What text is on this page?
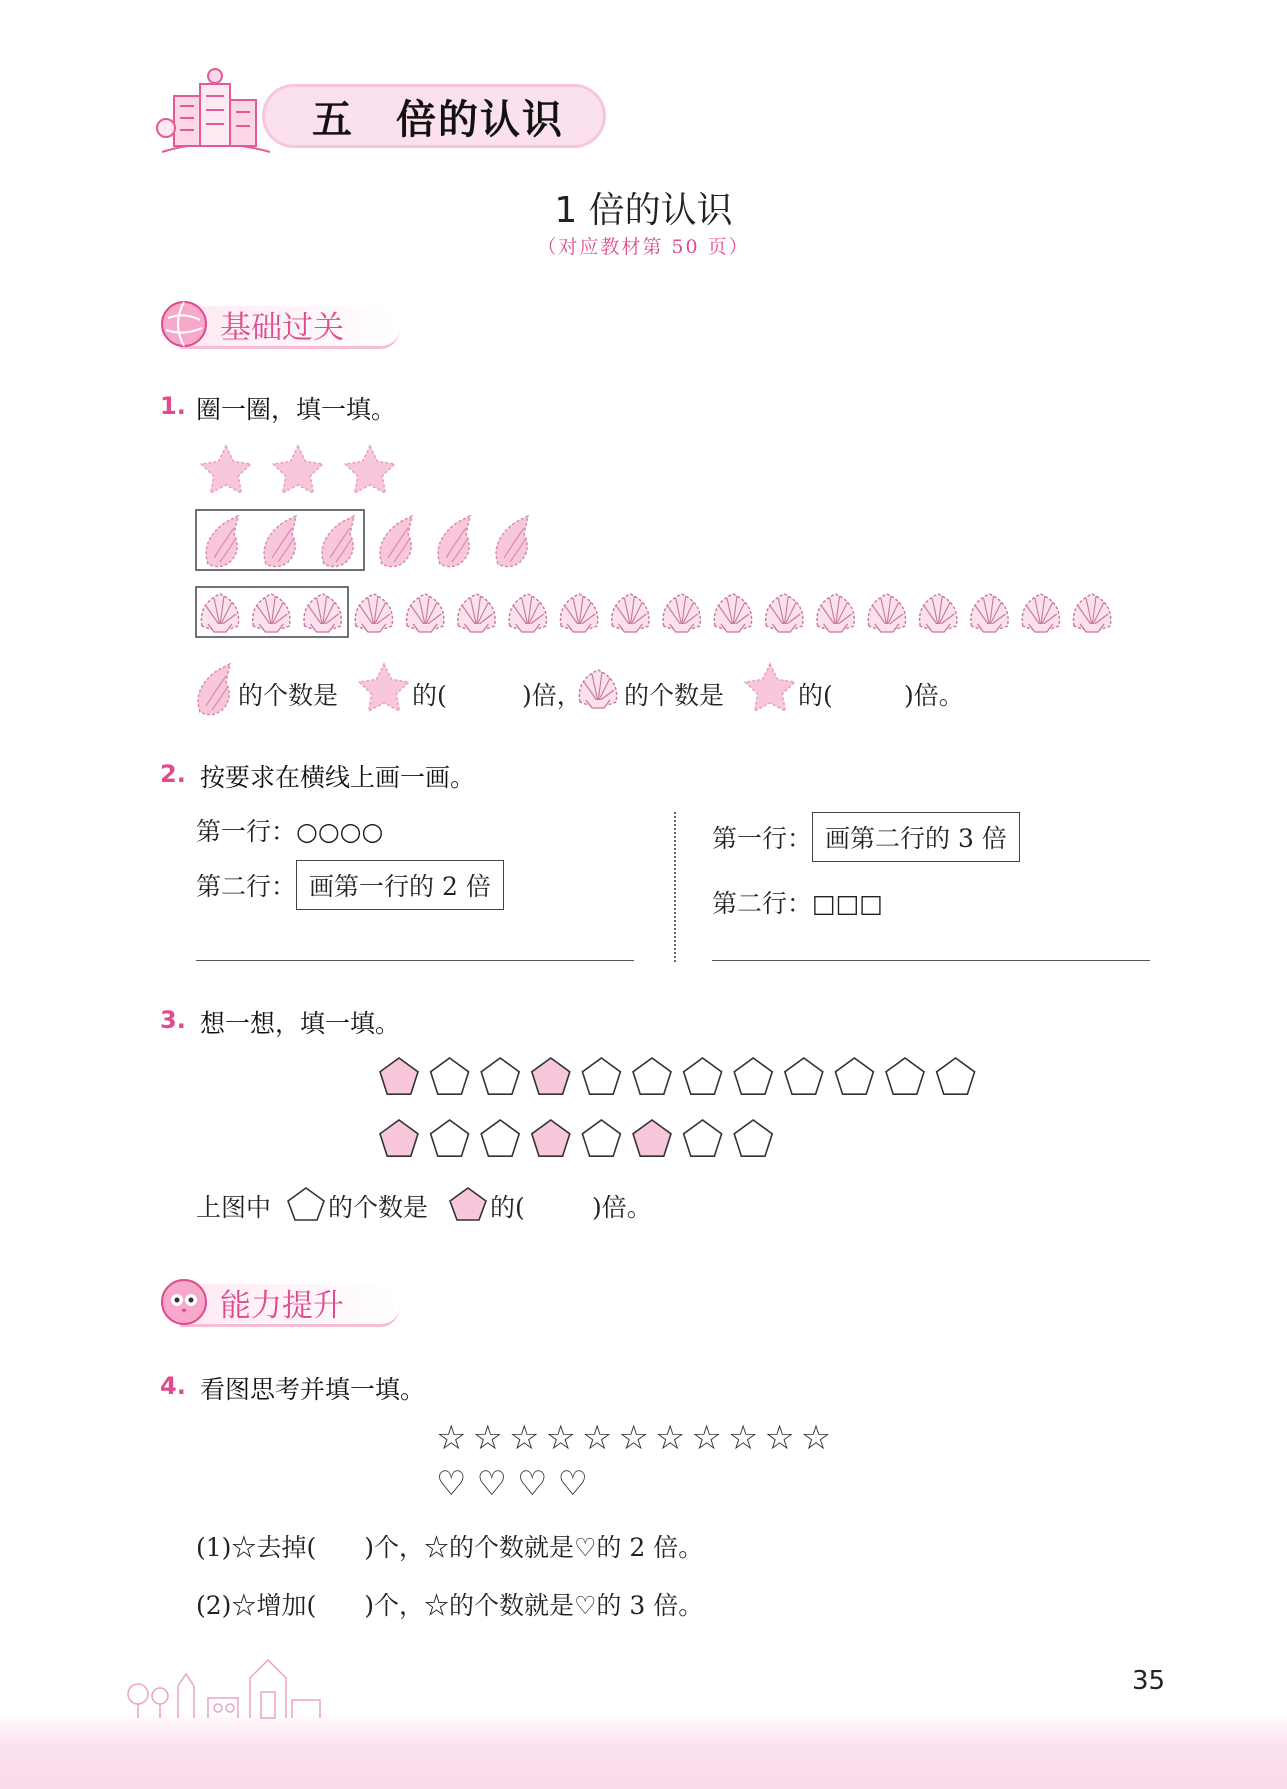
五　倍的认识
1 倍的认识
（对应教材第 50 页）
基础过关
1. 圈一圈，填一填。
的个数是	的(	)倍， 的个数是	的(	)倍。
2. 按要求在横线上画一画。
第一行：○○○○
第二行： 画第一行的 2 倍
第一行： 画第二行的 3 倍
第二行：□□□
3. 想一想，填一填。
上图中 的个数是 的(	)倍。
能力提升
4. 看图思考并填一填。
☆☆☆☆☆☆☆☆☆☆☆
♡♡♡♡
(1)☆去掉( )个，☆的个数就是♡的 2 倍。
(2)☆增加( )个，☆的个数就是♡的 3 倍。
35
